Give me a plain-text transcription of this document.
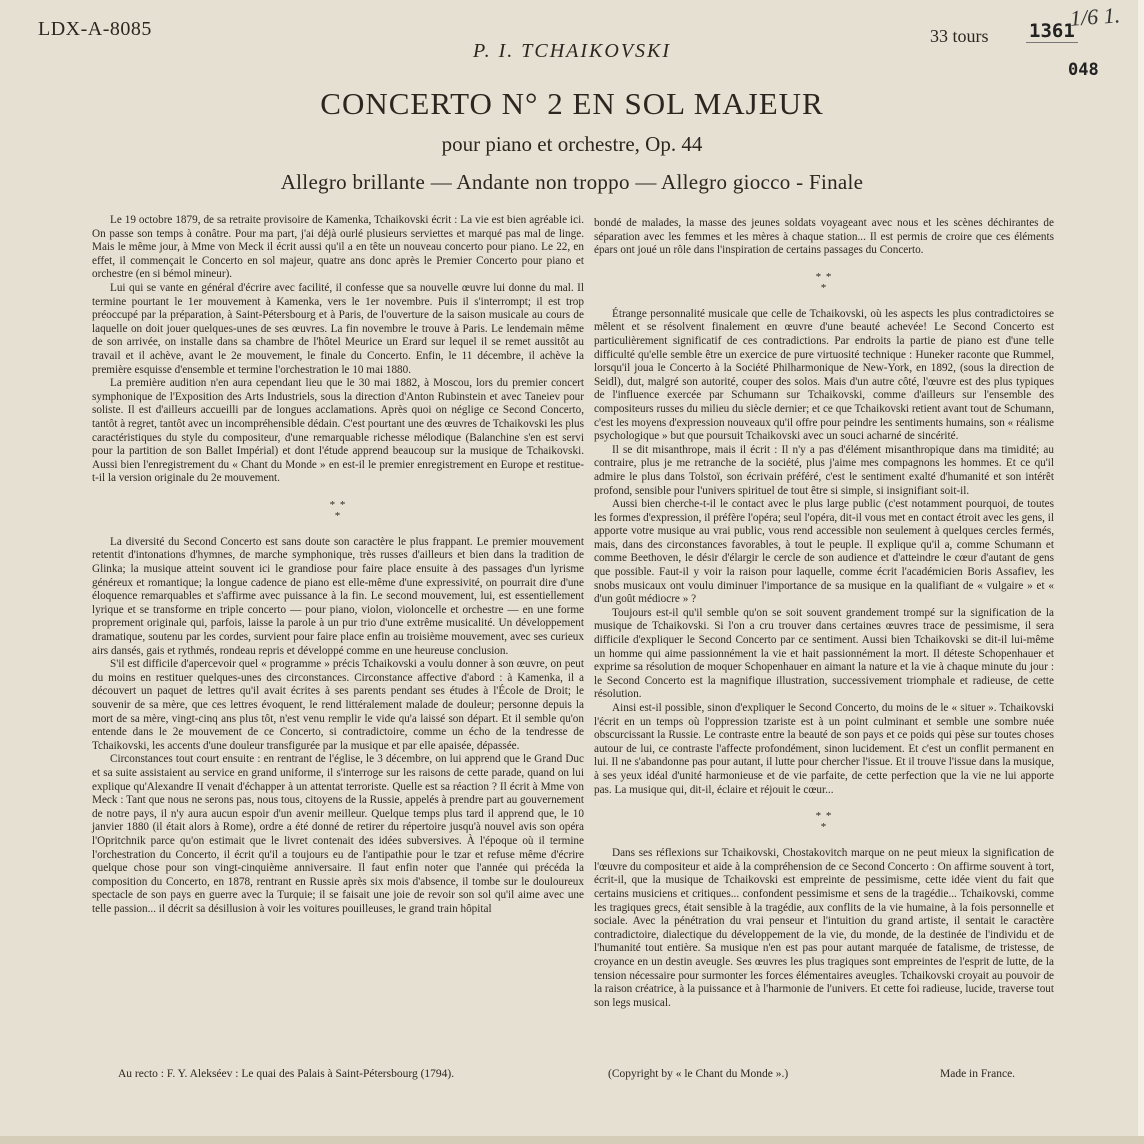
LDX-A-8085	33 tours
1/6 1.
1361
048
P. I. TCHAIKOVSKI
CONCERTO N° 2 EN SOL MAJEUR
pour piano et orchestre, Op. 44
Allegro brillante — Andante non troppo — Allegro giocco - Finale

Le 19 octobre 1879, de sa retraite provisoire de Kamenka, Tchaikovski écrit : La vie est bien agréable ici. On passe son temps à conâtre. Pour ma part, j'ai déjà ourlé plusieurs serviettes et marqué pas mal de linge. Mais le même jour, à Mme von Meck il écrit aussi qu'il a en tête un nouveau concerto pour piano. Le 22, en effet, il commençait le Concerto en sol majeur, quatre ans donc après le Premier Concerto pour piano et orchestre (en si bémol mineur).

Lui qui se vante en général d'écrire avec facilité, il confesse que sa nouvelle œuvre lui donne du mal. Il termine pourtant le 1er mouvement à Kamenka, vers le 1er novembre. Puis il s'interrompt; il est trop préoccupé par la préparation, à Saint-Pétersbourg et à Paris, de l'ouverture de la saison musicale au cours de laquelle on doit jouer quelques-unes de ses œuvres. La fin novembre le trouve à Paris. Le lendemain même de son arrivée, on installe dans sa chambre de l'hôtel Meurice un Erard sur lequel il se remet aussitôt au travail et il achève, avant le 2e mouvement, le finale du Concerto. Enfin, le 11 décembre, il achève la première esquisse d'ensemble et termine l'orchestration le 10 mai 1880.

La première audition n'en aura cependant lieu que le 30 mai 1882, à Moscou, lors du premier concert symphonique de l'Exposition des Arts Industriels, sous la direction d'Anton Rubinstein et avec Taneiev pour soliste. Il est d'ailleurs accueilli par de longues acclamations. Après quoi on néglige ce Second Concerto, tantôt à regret, tantôt avec un incompréhensible dédain. C'est pourtant une des œuvres de Tchaikovski les plus caractéristiques du style du compositeur, d'une remarquable richesse mélodique (Balanchine s'en est servi pour la partition de son Ballet Impérial) et dont l'étude apprend beaucoup sur la musique de Tchaikovski. Aussi bien l'enregistrement du « Chant du Monde » en est-il le premier enregistrement en Europe et restitue-t-il la version originale du 2e mouvement.

* *
*

La diversité du Second Concerto est sans doute son caractère le plus frappant. Le premier mouvement retentit d'intonations d'hymnes, de marche symphonique, très russes d'ailleurs et bien dans la tradition de Glinka; la musique atteint souvent ici le grandiose pour faire place ensuite à des passages d'un lyrisme généreux et romantique; la longue cadence de piano est elle-même d'une expressivité, on pourrait dire d'une éloquence remarquables et s'affirme avec puissance à la fin. Le second mouvement, lui, est essentiellement lyrique et se transforme en triple concerto — pour piano, violon, violoncelle et orchestre — en une forme proprement originale qui, parfois, laisse la parole à un pur trio d'une extrême musicalité. Un développement dramatique, soutenu par les cordes, survient pour faire place enfin au troisième mouvement, avec ses curieux airs dansés, gais et rythmés, rondeau repris et développé comme en une heureuse conclusion.

S'il est difficile d'apercevoir quel « programme » précis Tchaikovski a voulu donner à son œuvre, on peut du moins en restituer quelques-unes des circonstances. Circonstance affective d'abord : à Kamenka, il a découvert un paquet de lettres qu'il avait écrites à ses parents pendant ses études à l'École de Droit; le souvenir de sa mère, que ces lettres évoquent, le rend littéralement malade de douleur; personne depuis la mort de sa mère, vingt-cinq ans plus tôt, n'est venu remplir le vide qu'a laissé son départ. Et il semble qu'on entende dans le 2e mouvement de ce Concerto, si contradictoire, comme un écho de la tendresse de Tchaikovski, les accents d'une douleur transfigurée par la musique et par elle apaisée, dépassée.

Circonstances tout court ensuite : en rentrant de l'église, le 3 décembre, on lui apprend que le Grand Duc et sa suite assistaient au service en grand uniforme, il s'interroge sur les raisons de cette parade, quand on lui explique qu'Alexandre II venait d'échapper à un attentat terroriste. Quelle est sa réaction ? Il écrit à Mme von Meck : Tant que nous ne serons pas, nous tous, citoyens de la Russie, appelés à prendre part au gouvernement de notre pays, il n'y aura aucun espoir d'un avenir meilleur. Quelque temps plus tard il apprend que, le 10 janvier 1880 (il était alors à Rome), ordre a été donné de retirer du répertoire jusqu'à nouvel avis son opéra l'Opritchnik parce qu'on estimait que le livret contenait des idées subversives. À l'époque où il termine l'orchestration du Concerto, il écrit qu'il a toujours eu de l'antipathie pour le tzar et refuse même d'écrire quelque chose pour son vingt-cinquième anniversaire. Il faut enfin noter que l'année qui précéda la composition du Concerto, en 1878, rentrant en Russie après six mois d'absence, il tombe sur le douloureux spectacle de son pays en guerre avec la Turquie; il se faisait une joie de revoir son sol qu'il aime avec une telle passion... il décrit sa désillusion à voir les voitures pouilleuses, le grand train hôpital

bondé de malades, la masse des jeunes soldats voyageant avec nous et les scènes déchirantes de séparation avec les femmes et les mères à chaque station... Il est permis de croire que ces éléments épars ont joué un rôle dans l'inspiration de certains passages du Concerto.

* *
*

Étrange personnalité musicale que celle de Tchaikovski, où les aspects les plus contradictoires se mêlent et se résolvent finalement en œuvre d'une beauté achevée! Le Second Concerto est particulièrement significatif de ces contradictions. Par endroits la partie de piano est d'une telle difficulté qu'elle semble être un exercice de pure virtuosité technique : Huneker raconte que Rummel, lorsqu'il joua le Concerto à la Société Philharmonique de New-York, en 1892, (sous la direction de Seidl), dut, malgré son autorité, couper des solos. Mais d'un autre côté, l'œuvre est des plus typiques de l'influence exercée par Schumann sur Tchaikovski, comme d'ailleurs sur l'ensemble des compositeurs russes du milieu du siècle dernier; et ce que Tchaikovski retient avant tout de Schumann, c'est les moyens d'expression nouveaux qu'il offre pour peindre les sentiments humains, son « réalisme psychologique » but que poursuit Tchaikovski avec un souci acharné de sincérité.

Il se dit misanthrope, mais il écrit : Il n'y a pas d'élément misanthropique dans ma timidité; au contraire, plus je me retranche de la société, plus j'aime mes compagnons les hommes. Et ce qu'il admire le plus dans Tolstoï, son écrivain préféré, c'est le sentiment exalté d'humanité et son intérêt profond, sensible pour l'univers spirituel de tout être si simple, si insignifiant soit-il.

Aussi bien cherche-t-il le contact avec le plus large public (c'est notamment pourquoi, de toutes les formes d'expression, il préfère l'opéra; seul l'opéra, dit-il vous met en contact étroit avec les gens, il apporte votre musique au vrai public, vous rend accessible non seulement à quelques cercles fermés, mais, dans des circonstances favorables, à tout le peuple. Il explique qu'il a, comme Schumann et comme Beethoven, le désir d'élargir le cercle de son audience et d'atteindre le cœur d'autant de gens que possible. Faut-il y voir la raison pour laquelle, comme écrit l'académicien Boris Assafiev, les snobs musicaux ont voulu diminuer l'importance de sa musique en la qualifiant de « vulgaire » et « d'un goût médiocre » ?

Toujours est-il qu'il semble qu'on se soit souvent grandement trompé sur la signification de la musique de Tchaikovski. Si l'on a cru trouver dans certaines œuvres trace de pessimisme, il sera difficile d'expliquer le Second Concerto par ce sentiment. Aussi bien Tchaikovski se dit-il lui-même un homme qui aime passionnément la vie et hait passionnément la mort. Il déteste Schopenhauer et exprime sa résolution de moquer Schopenhauer en aimant la nature et la vie à chaque minute du jour : le Second Concerto est la magnifique illustration, successivement triomphale et radieuse, de cette résolution.

Ainsi est-il possible, sinon d'expliquer le Second Concerto, du moins de le « situer ». Tchaikovski l'écrit en un temps où l'oppression tzariste est à un point culminant et semble une sombre nuée obscurcissant la Russie. Le contraste entre la beauté de son pays et ce poids qui pèse sur toutes choses autour de lui, ce contraste l'affecte profondément, sinon lucidement. Et c'est un conflit permanent en lui. Il ne s'abandonne pas pour autant, il lutte pour chercher l'issue. Et il trouve l'issue dans la musique, à ses yeux idéal d'unité harmonieuse et de vie parfaite, de cette perfection que la vie ne lui apporte pas. La musique qui, dit-il, éclaire et réjouit le cœur...

* *
*

Dans ses réflexions sur Tchaikovski, Chostakovitch marque on ne peut mieux la signification de l'œuvre du compositeur et aide à la compréhension de ce Second Concerto : On affirme souvent à tort, écrit-il, que la musique de Tchaikovski est empreinte de pessimisme, cette idée vient du fait que certains musiciens et critiques... confondent pessimisme et sens de la tragédie... Tchaikovski, comme les tragiques grecs, était sensible à la tragédie, aux conflits de la vie humaine, à la fois personnelle et sociale. Avec la pénétration du vrai penseur et l'intuition du grand artiste, il sentait le caractère contradictoire, dialectique du développement de la vie, du monde, de la destinée de l'individu et de l'humanité tout entière. Sa musique n'en est pas pour autant marquée de fatalisme, de tristesse, de croyance en un destin aveugle. Ses œuvres les plus tragiques sont empreintes de l'esprit de lutte, de la tension nécessaire pour surmonter les forces élémentaires aveugles. Tchaikovski croyait au pouvoir de la raison créatrice, à la puissance et à l'harmonie de l'univers. Et cette foi radieuse, lucide, traverse tout son legs musical.

Au recto : F. Y. Alekséev : Le quai des Palais à Saint-Pétersbourg (1794).	(Copyright by « le Chant du Monde ».)	Made in France.
